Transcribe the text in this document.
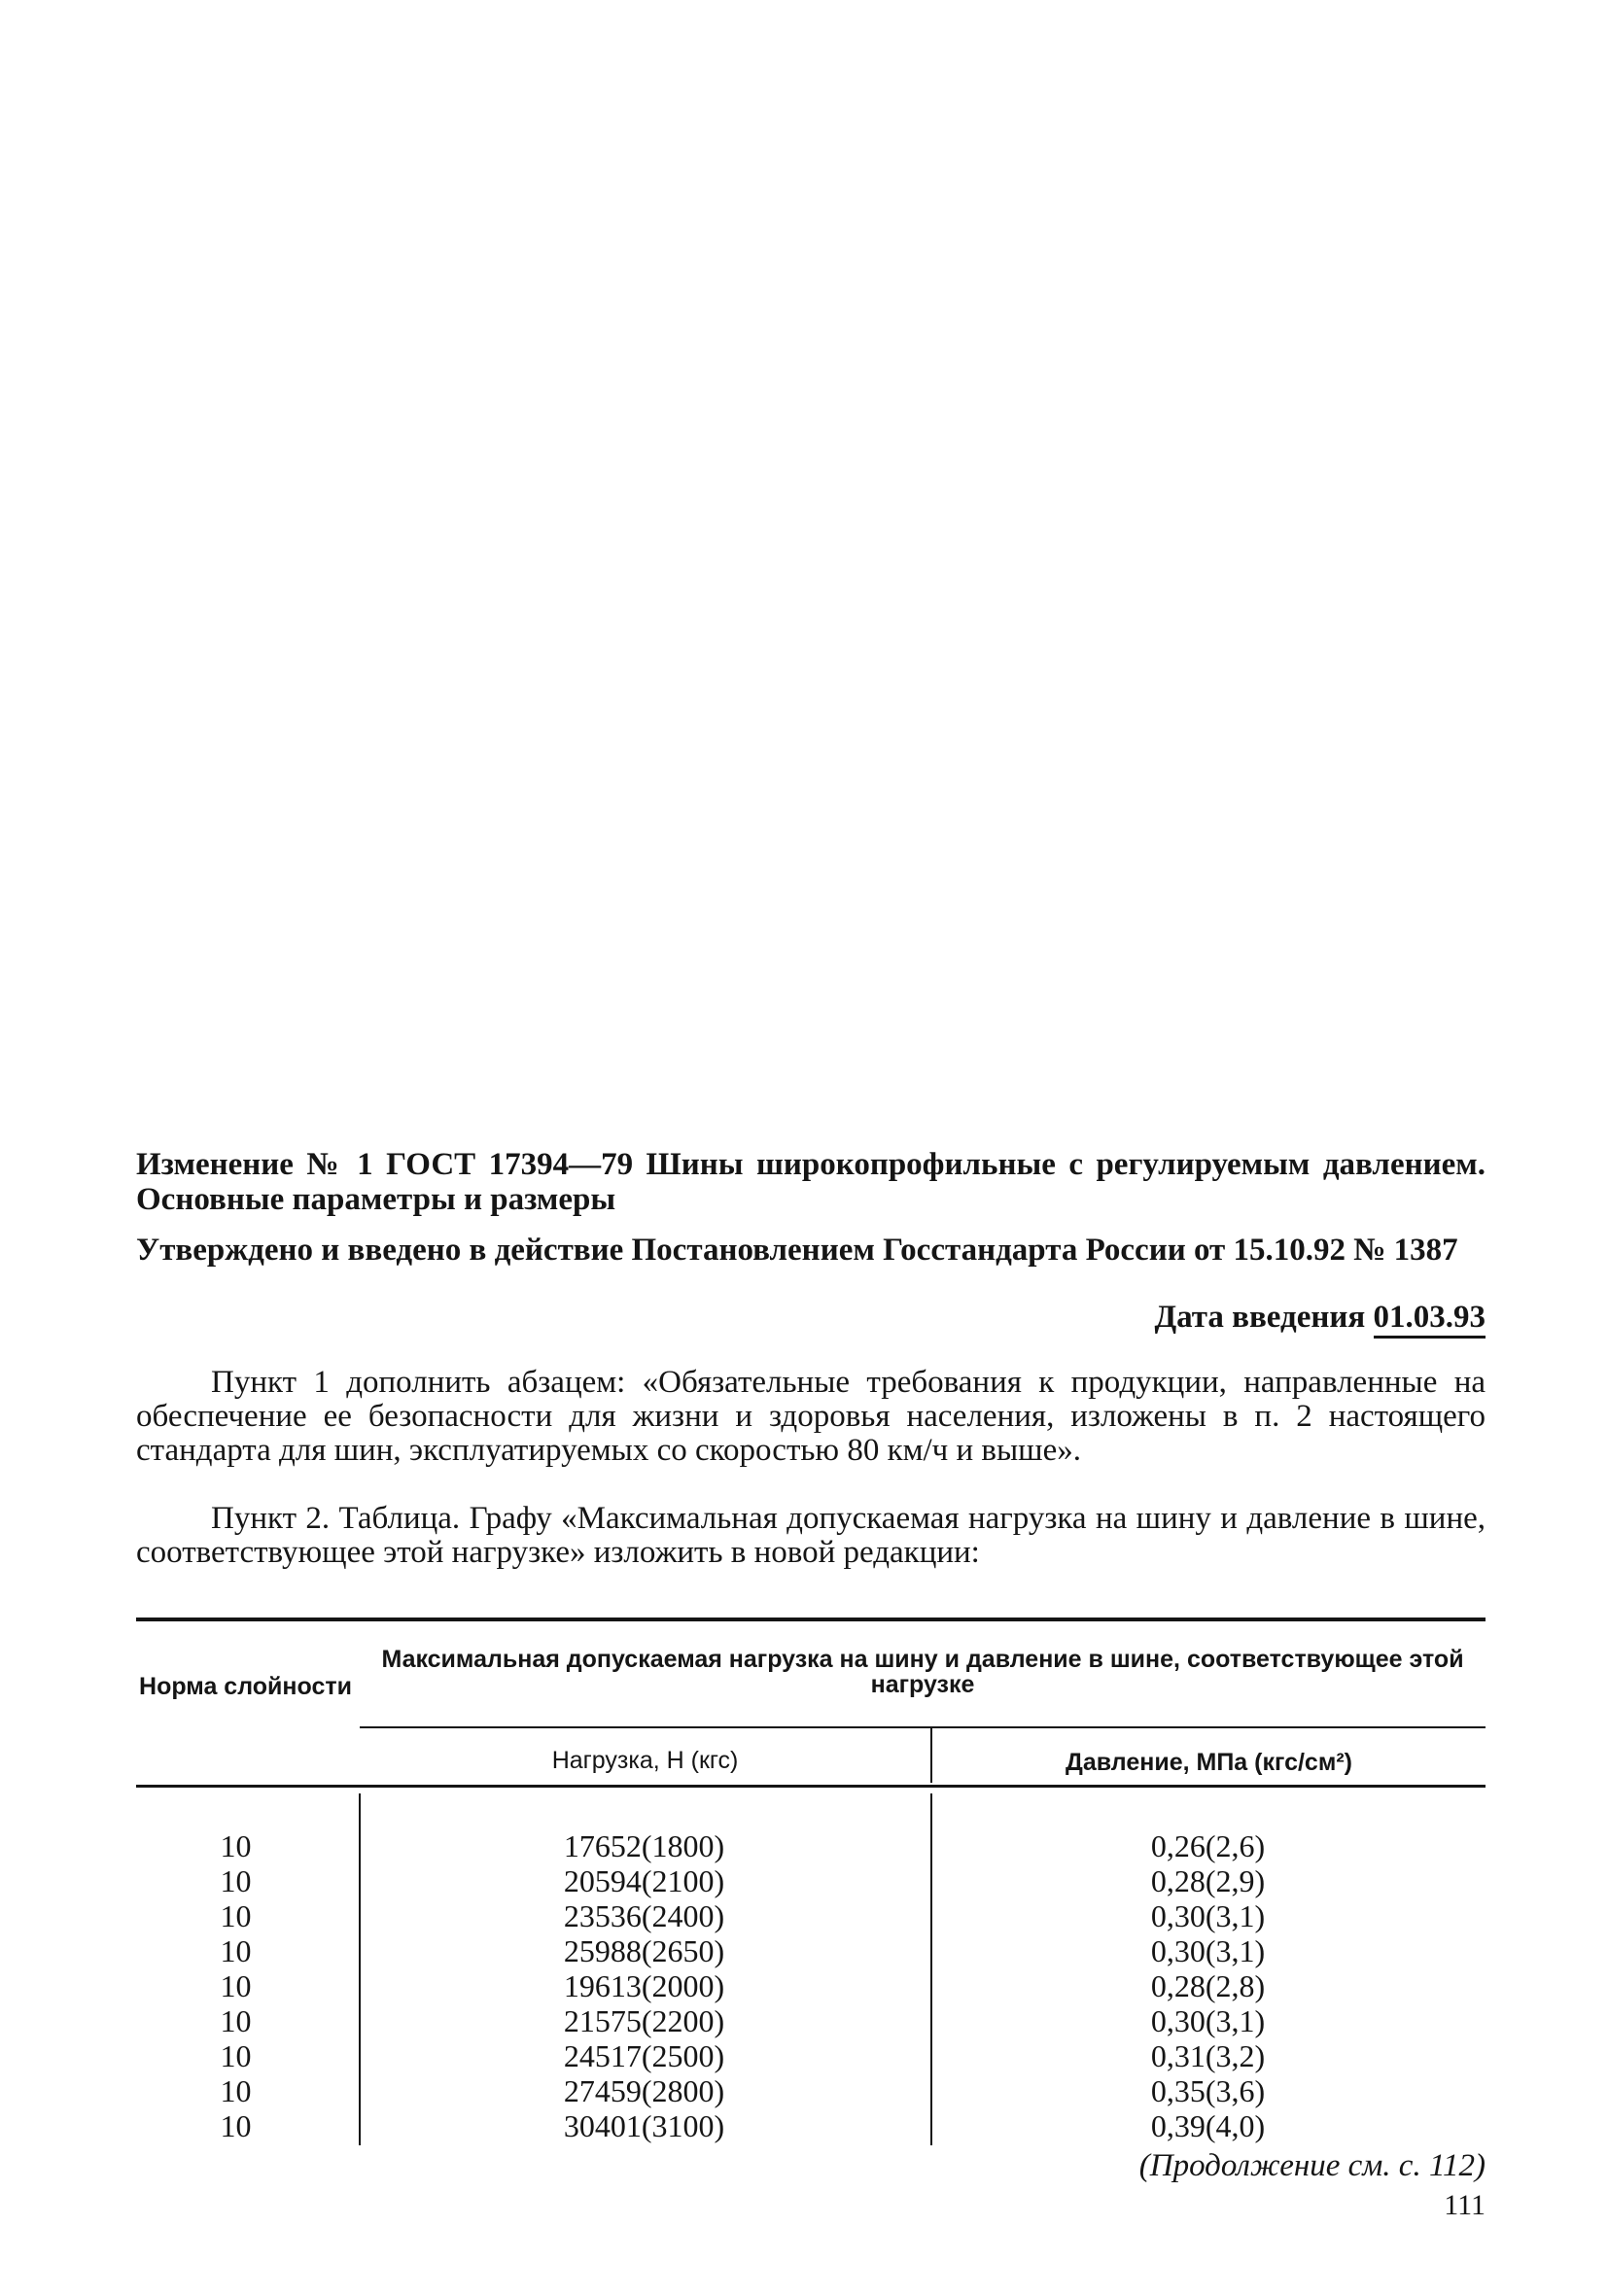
Изменение № 1 ГОСТ 17394—79 Шины широкопрофильные с регулируемым давлением. Основные параметры и размеры
Утверждено и введено в действие Постановлением Госстандарта России от 15.10.92 № 1387
Дата введения 01.03.93
Пункт 1 дополнить абзацем: «Обязательные требования к продукции, направленные на обеспечение ее безопасности для жизни и здоровья населения, изложены в п. 2 настоящего стандарта для шин, эксплуатируемых со скоростью 80 км/ч и выше».
Пункт 2. Таблица. Графу «Максимальная допускаемая нагрузка на шину и давление в шине, соответствующее этой нагрузке» изложить в новой редакции:
Норма слойности
Максимальная допускаемая нагрузка на шину и давление в шине, соответствующее этой нагрузке
Нагрузка, Н (кгс)	Давление, МПа (кгс/см²)
10	17652(1800)	0,26(2,6)
10	20594(2100)	0,28(2,9)
10	23536(2400)	0,30(3,1)
10	25988(2650)	0,30(3,1)
10	19613(2000)	0,28(2,8)
10	21575(2200)	0,30(3,1)
10	24517(2500)	0,31(3,2)
10	27459(2800)	0,35(3,6)
10	30401(3100)	0,39(4,0)
(Продолжение см. с. 112)
111
